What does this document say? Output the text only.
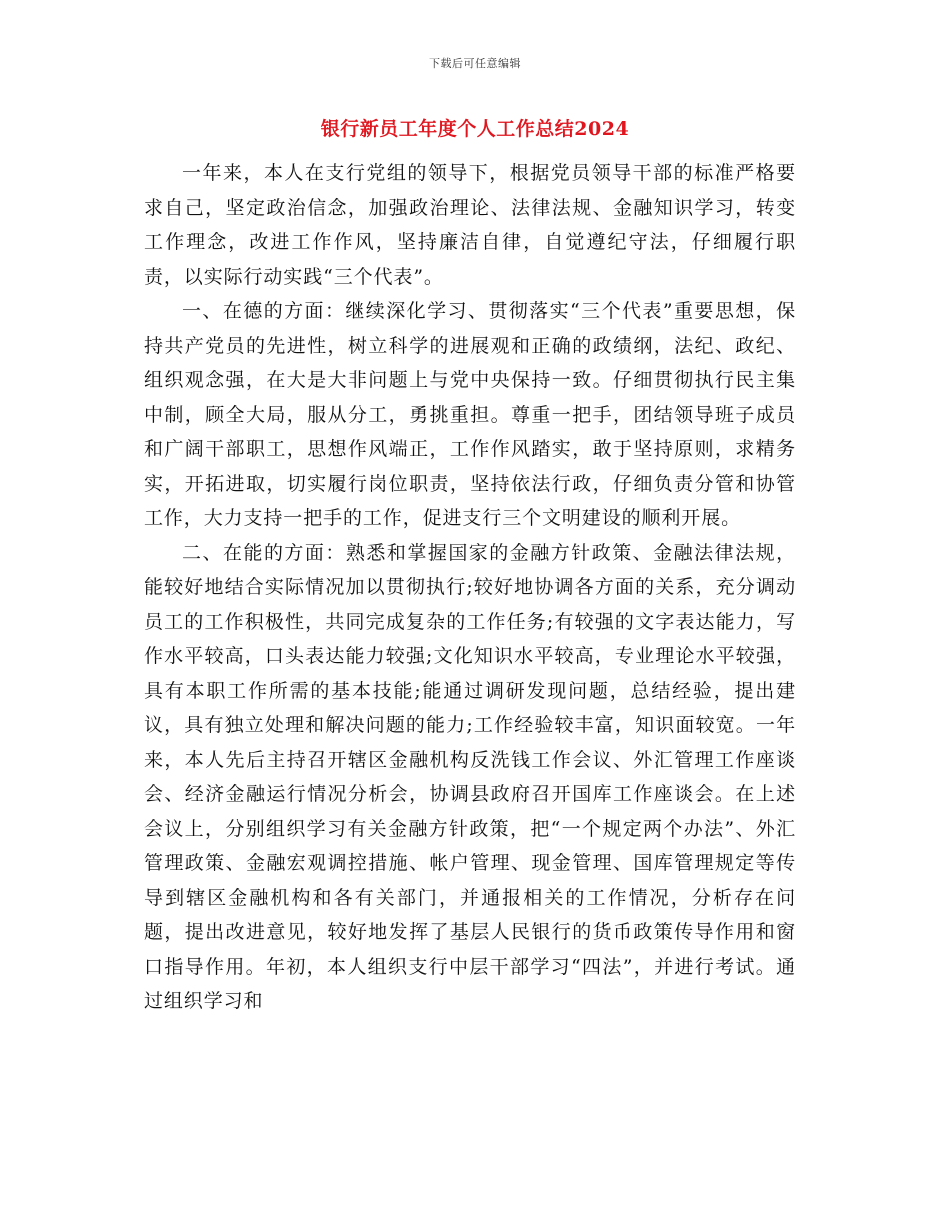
下载后可任意编辑
银行新员工年度个人工作总结2024

一年来，本人在支行党组的领导下，根据党员领导干部的标准严格要求自己，坚定政治信念，加强政治理论、法律法规、金融知识学习，转变工作理念，改进工作作风，坚持廉洁自律，自觉遵纪守法，仔细履行职责，以实际行动实践“三个代表”。

一、在德的方面：继续深化学习、贯彻落实“三个代表”重要思想，保持共产党员的先进性，树立科学的进展观和正确的政绩纲，法纪、政纪、组织观念强，在大是大非问题上与党中央保持一致。仔细贯彻执行民主集中制，顾全大局，服从分工，勇挑重担。尊重一把手，团结领导班子成员和广阔干部职工，思想作风端正，工作作风踏实，敢于坚持原则，求精务实，开拓进取，切实履行岗位职责，坚持依法行政，仔细负责分管和协管工作，大力支持一把手的工作，促进支行三个文明建设的顺利开展。

二、在能的方面：熟悉和掌握国家的金融方针政策、金融法律法规，能较好地结合实际情况加以贯彻执行;较好地协调各方面的关系，充分调动员工的工作积极性，共同完成复杂的工作任务;有较强的文字表达能力，写作水平较高，口头表达能力较强;文化知识水平较高，专业理论水平较强，具有本职工作所需的基本技能;能通过调研发现问题，总结经验，提出建议，具有独立处理和解决问题的能力;工作经验较丰富，知识面较宽。一年来，本人先后主持召开辖区金融机构反洗钱工作会议、外汇管理工作座谈会、经济金融运行情况分析会，协调县政府召开国库工作座谈会。在上述会议上，分别组织学习有关金融方针政策，把“一个规定两个办法”、外汇管理政策、金融宏观调控措施、帐户管理、现金管理、国库管理规定等传导到辖区金融机构和各有关部门，并通报相关的工作情况，分析存在问题，提出改进意见，较好地发挥了基层人民银行的货币政策传导作用和窗口指导作用。年初，本人组织支行中层干部学习“四法”，并进行考试。通过组织学习和
